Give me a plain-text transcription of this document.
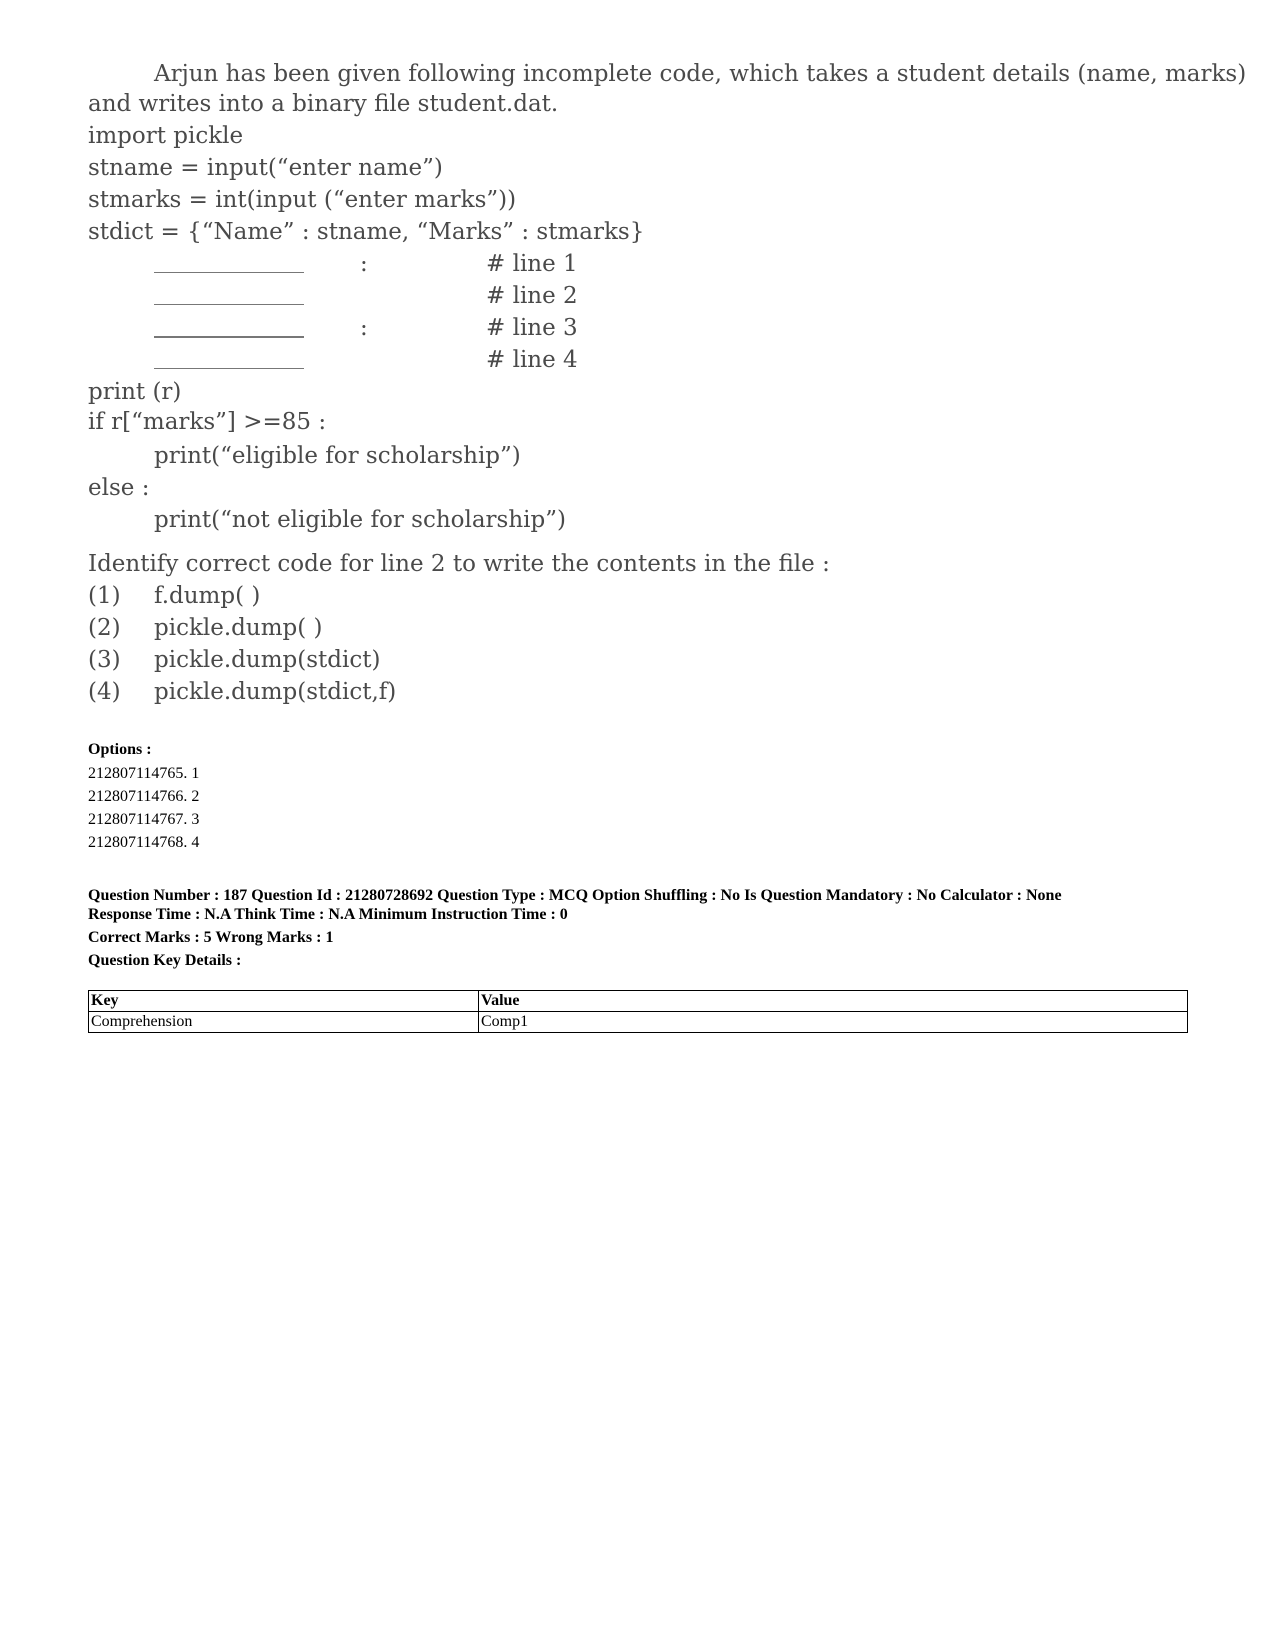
Arjun has been given following incomplete code, which takes a student details (name, marks)
and writes into a binary file student.dat.
import pickle
stname = input(“enter name”)
stmarks = int(input (“enter marks”))
stdict = {“Name” : stname, “Marks” : stmarks}
:	# line 1
# line 2
:	# line 3
# line 4
print (r)
if r[“marks”] >=85 :
print(“eligible for scholarship”)
else :
print(“not eligible for scholarship”)
Identify correct code for line 2 to write the contents in the file :
(1) f.dump( )
(2) pickle.dump( )
(3) pickle.dump(stdict)
(4) pickle.dump(stdict,f)
Options :
212807114765. 1
212807114766. 2
212807114767. 3
212807114768. 4
Question Number : 187 Question Id : 21280728692 Question Type : MCQ Option Shuffling : No Is Question Mandatory : No Calculator : None
Response Time : N.A Think Time : N.A Minimum Instruction Time : 0
Correct Marks : 5 Wrong Marks : 1
Question Key Details :
Key	Value
Comprehension	Comp1
